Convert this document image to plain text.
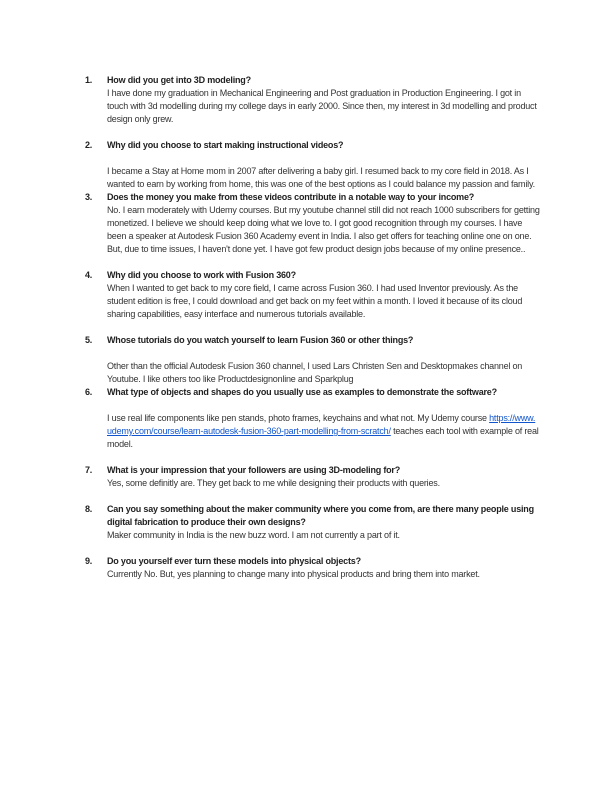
1.	How did you get into 3D modeling?
I have done my graduation in Mechanical Engineering and Post graduation in Production Engineering. I got in touch with 3d modelling during my college days in early 2000. Since then, my interest in 3d modelling and product design only grew.
2.	Why did you choose to start making instructional videos?
I became a Stay at Home mom in 2007 after delivering a baby girl. I resumed back to my core field in 2018. As I wanted to earn by working from home, this was one of the best options as I could balance my passion and family.
3.	Does the money you make from these videos contribute in a notable way to your income?
No. I earn moderately with Udemy courses. But my youtube channel still did not reach 1000 subscribers for getting monetized. I believe we should keep doing what we love to. I got good recognition through my courses. I have been a speaker at Autodesk Fusion 360 Academy event in India. I also get offers for teaching online one on one. But, due to time issues, I haven't done yet. I have got few product design jobs because of my online presence..
4.	Why did you choose to work with Fusion 360?
When I wanted to get back to my core field, I came across Fusion 360. I had used Inventor previously. As the student edition is free, I could download and get back on my feet within a month. I loved it because of its cloud sharing capabilities, easy interface and numerous tutorials available.
5.	Whose tutorials do you watch yourself to learn Fusion 360 or other things?
Other than the official Autodesk Fusion 360 channel, I used Lars Christen Sen and Desktopmakes channel on Youtube. I like others too like Productdesignonline and Sparkplug
6.	What type of objects and shapes do you usually use as examples to demonstrate the software?
I use real life components like pen stands, photo frames, keychains and what not. My Udemy course https://www.udemy.com/course/learn-autodesk-fusion-360-part-modelling-from-scratch/ teaches each tool with example of real model.
7.	What is your impression that your followers are using 3D-modeling for?
Yes, some definitly are. They get back to me while designing their products with queries.
8.	Can you say something about the maker community where you come from, are there many people using digital fabrication to produce their own designs?
Maker community in India is the new buzz word. I am not currently a part of it.
9.	Do you yourself ever turn these models into physical objects?
Currently No. But, yes planning to change many into physical products and bring them into market.
